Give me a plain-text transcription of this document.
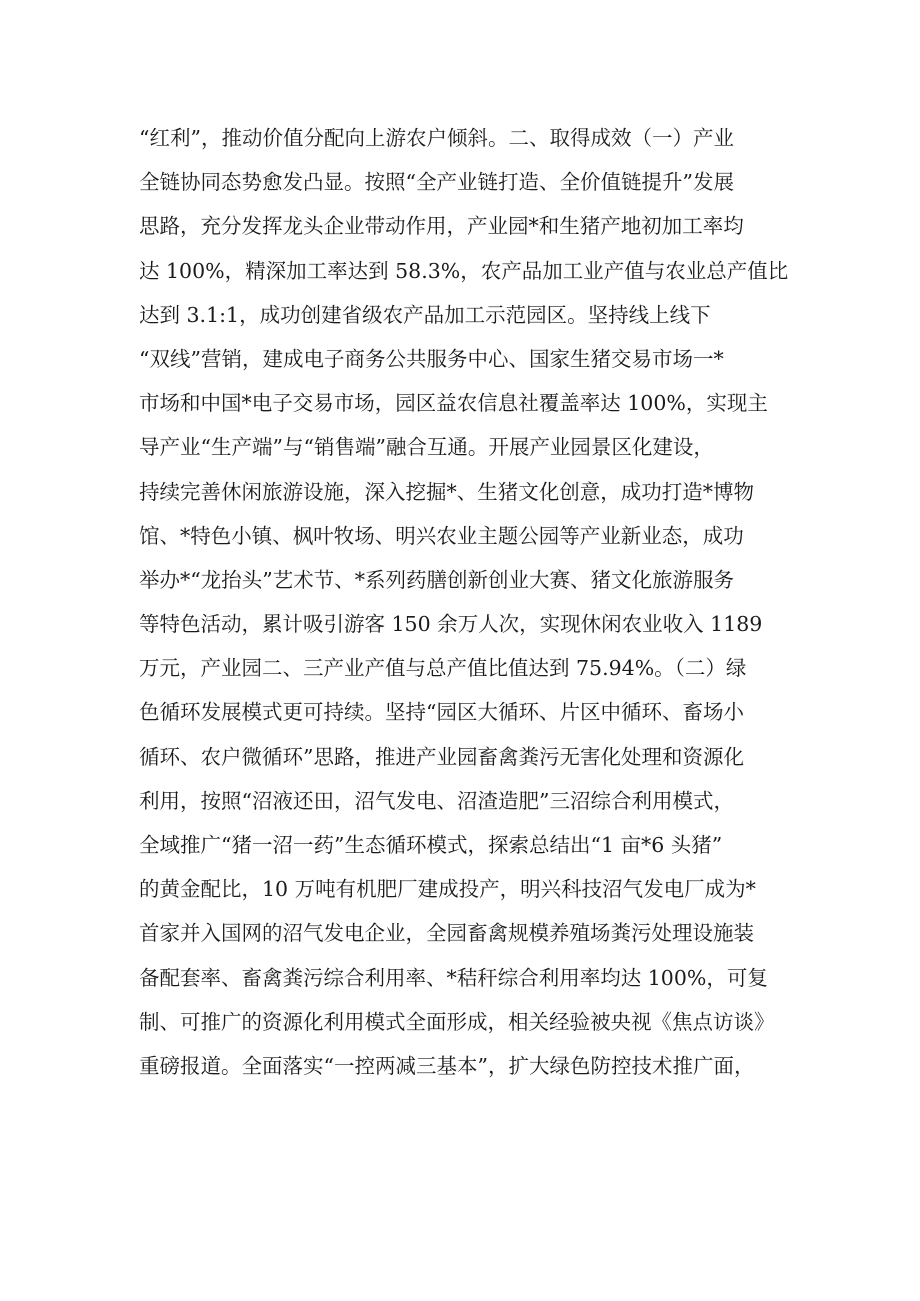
“红利”，推动价值分配向上游农户倾斜。二、取得成效（一）产业
全链协同态势愈发凸显。按照“全产业链打造、全价值链提升”发展
思路，充分发挥龙头企业带动作用，产业园*和生猪产地初加工率均
达 100%，精深加工率达到 58.3%，农产品加工业产值与农业总产值比
达到 3.1:1，成功创建省级农产品加工示范园区。坚持线上线下
“双线”营销，建成电子商务公共服务中心、国家生猪交易市场一*
市场和中国*电子交易市场，园区益农信息社覆盖率达 100%，实现主
导产业“生产端”与“销售端”融合互通。开展产业园景区化建设，
持续完善休闲旅游设施，深入挖掘*、生猪文化创意，成功打造*博物
馆、*特色小镇、枫叶牧场、明兴农业主题公园等产业新业态，成功
举办*“龙抬头”艺术节、*系列药膳创新创业大赛、猪文化旅游服务
等特色活动，累计吸引游客 150 余万人次，实现休闲农业收入 1189
万元，产业园二、三产业产值与总产值比值达到 75.94%。（二）绿
色循环发展模式更可持续。坚持“园区大循环、片区中循环、畜场小
循环、农户微循环”思路，推进产业园畜禽粪污无害化处理和资源化
利用，按照“沼液还田，沼气发电、沼渣造肥”三沼综合利用模式，
全域推广“猪一沼一药”生态循环模式，探索总结出“1 亩*6 头猪”
的黄金配比，10 万吨有机肥厂建成投产，明兴科技沼气发电厂成为*
首家并入国网的沼气发电企业，全园畜禽规模养殖场粪污处理设施装
备配套率、畜禽粪污综合利用率、*秸秆综合利用率均达 100%，可复
制、可推广的资源化利用模式全面形成，相关经验被央视《焦点访谈》
重磅报道。全面落实“一控两减三基本”，扩大绿色防控技术推广面，
